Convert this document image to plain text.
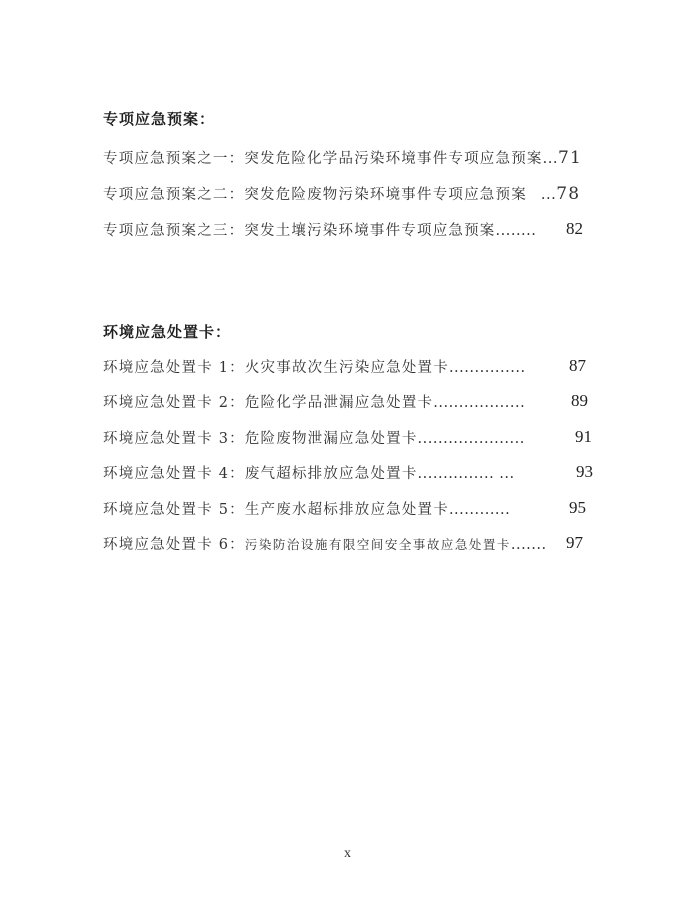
专项应急预案：
专项应急预案之一：突发危险化学品污染环境事件专项应急预案...71
专项应急预案之二：突发危险废物污染环境事件专项应急预案 ...78
专项应急预案之三：突发土壤污染环境事件专项应急预案........ 82
环境应急处置卡：
环境应急处置卡 1：火灾事故次生污染应急处置卡...............	87
环境应急处置卡 2：危险化学品泄漏应急处置卡..................	89
环境应急处置卡 3：危险废物泄漏应急处置卡.....................	91
环境应急处置卡 4：废气超标排放应急处置卡............... ...	93
环境应急处置卡 5：生产废水超标排放应急处置卡............	95
环境应急处置卡 6：污染防治设施有限空间安全事故应急处置卡....... 97
x
